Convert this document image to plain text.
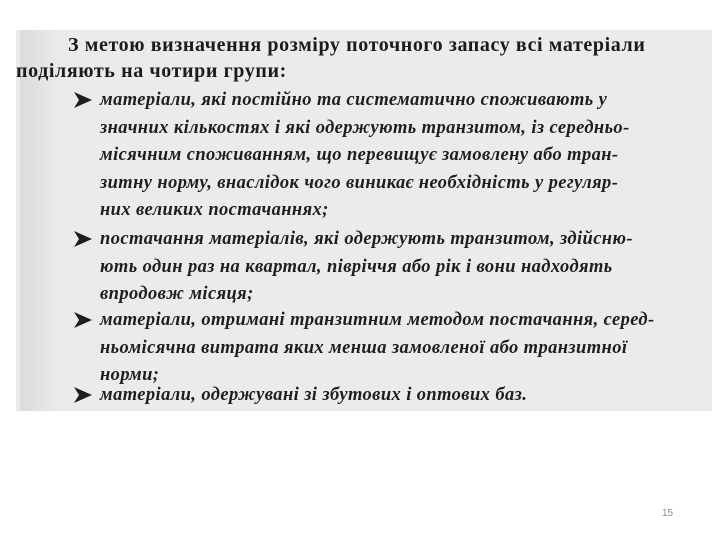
З метою визначення розміру поточного запасу всі матеріали
поділяють на чотири групи:
матеріали, які постійно та систематично споживають у
значних кількостях і які одержують транзитом, із середньо-
місячним споживанням, що перевищує замовлену або тран-
зитну норму, внаслідок чого виникає необхідність у регуляр-
них великих постачаннях;
постачання матеріалів, які одержують транзитом, здійсню-
ють один раз на квартал, півріччя або рік і вони надходять
впродовж місяця;
матеріали, отримані транзитним методом постачання, серед-
ньомісячна витрата яких менша замовленої або транзитної
норми;
матеріали, одержувані зі збутових і оптових баз.
15
